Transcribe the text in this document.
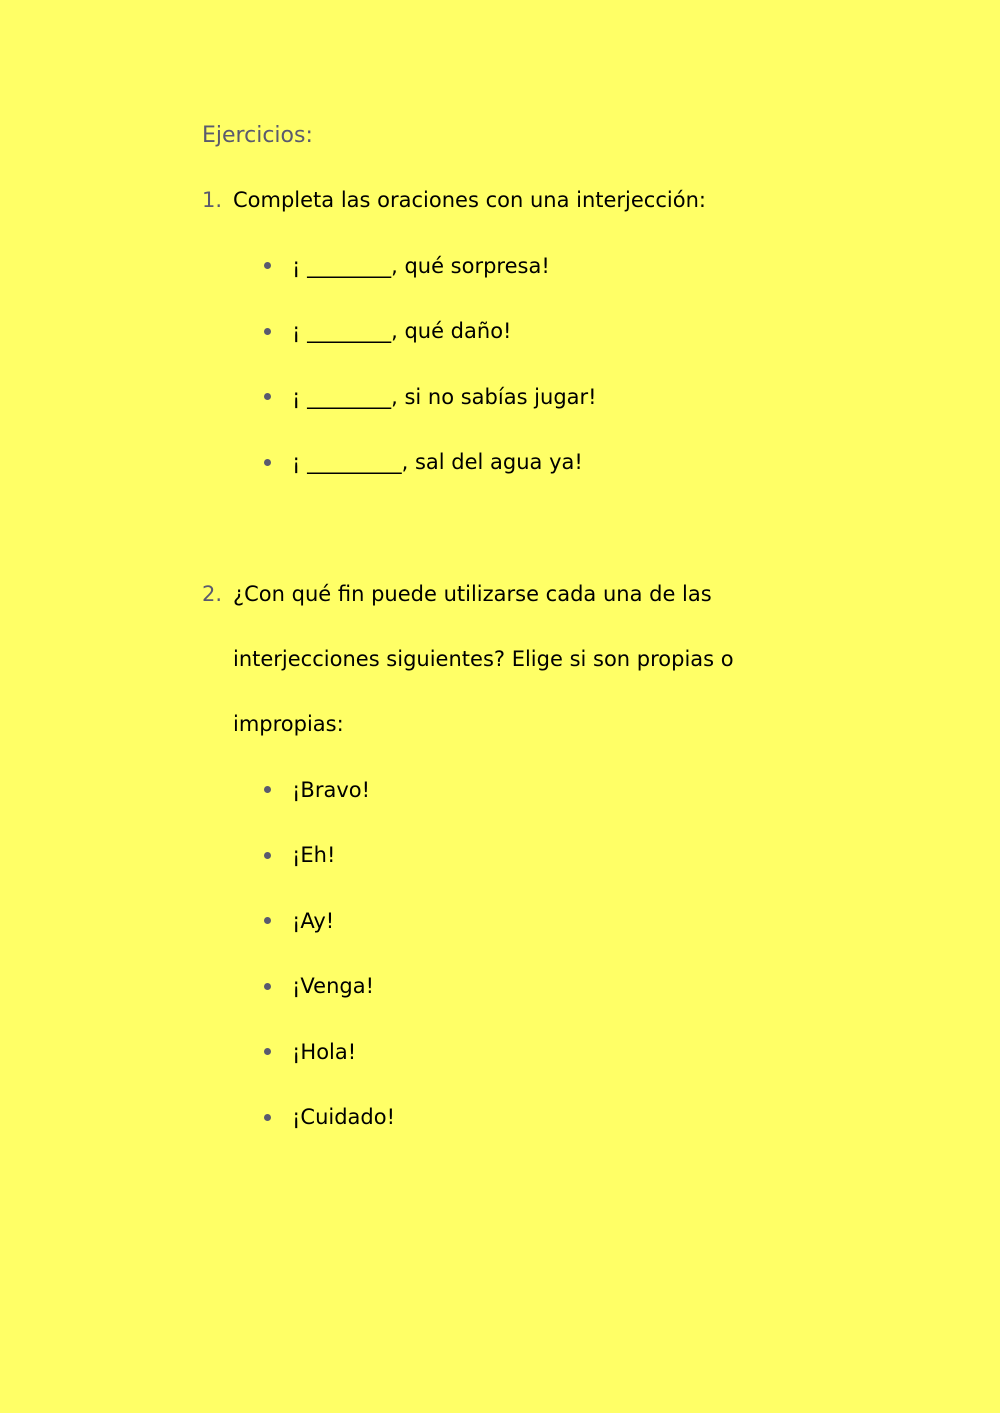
Ejercicios:
1. Completa las oraciones con una interjección:
¡ ________, qué sorpresa!
¡ ________, qué daño!
¡ ________, si no sabías jugar!
¡ _________, sal del agua ya!
2. ¿Con qué fin puede utilizarse cada una de las interjecciones siguientes? Elige si son propias o impropias:
¡Bravo!
¡Eh!
¡Ay!
¡Venga!
¡Hola!
¡Cuidado!
